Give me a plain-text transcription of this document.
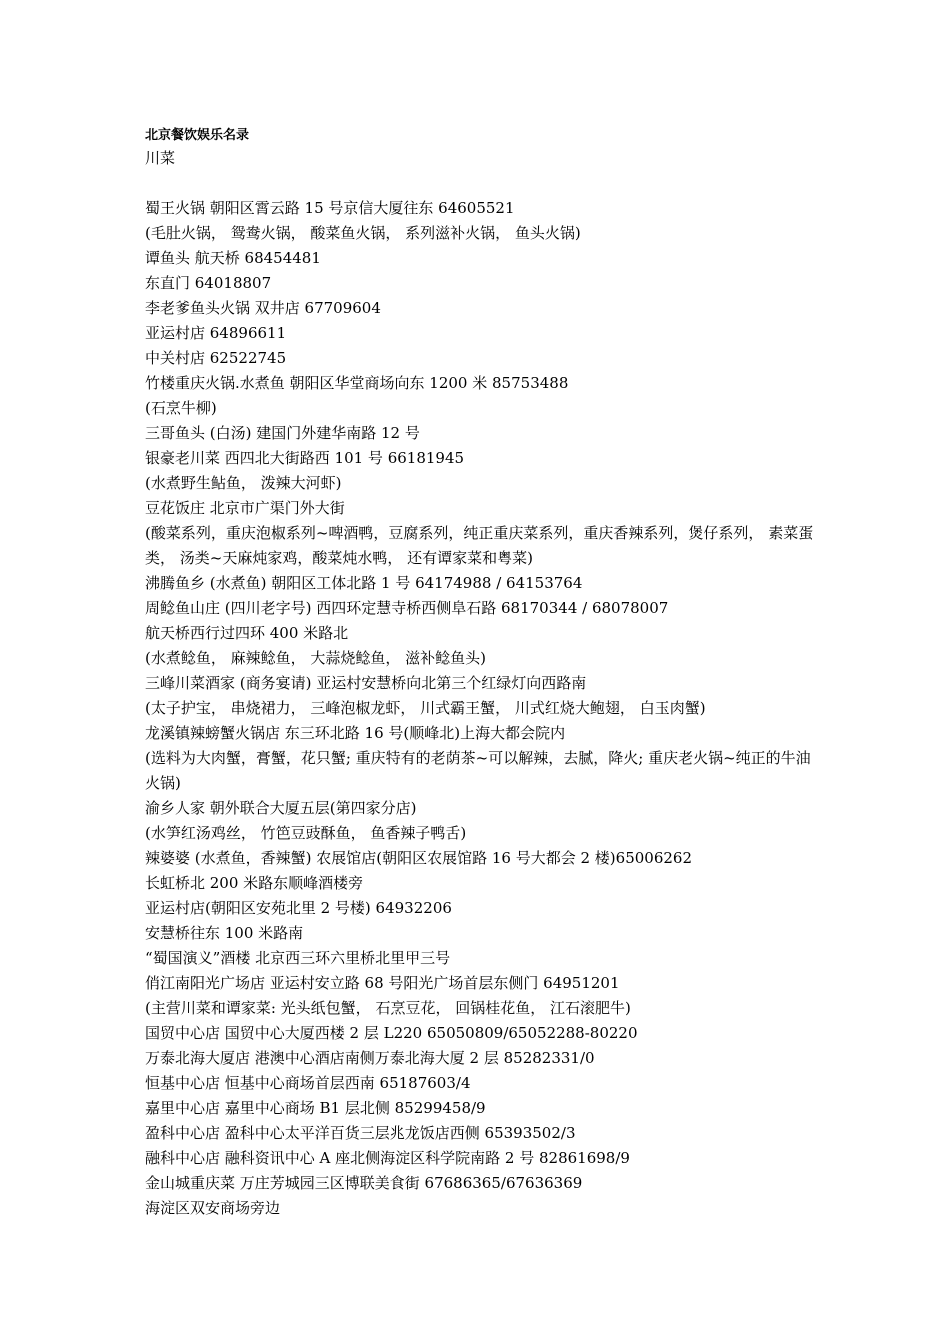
北京餐饮娱乐名录
川菜
蜀王火锅 朝阳区霄云路 15 号京信大厦往东 64605521
(毛肚火锅， 鸳鸯火锅， 酸菜鱼火锅， 系列滋补火锅， 鱼头火锅)
谭鱼头 航天桥 68454481
东直门 64018807
李老爹鱼头火锅 双井店 67709604
亚运村店 64896611
中关村店 62522745
竹楼重庆火锅.水煮鱼 朝阳区华堂商场向东 1200 米 85753488
(石烹牛柳)
三哥鱼头 (白汤) 建国门外建华南路 12 号
银豪老川菜 西四北大街路西 101 号 66181945
(水煮野生鲇鱼， 泼辣大河虾)
豆花饭庄 北京市广渠门外大街
(酸菜系列，重庆泡椒系列~啤酒鸭，豆腐系列，纯正重庆菜系列，重庆香辣系列，煲仔系列， 素菜蛋类， 汤类~天麻炖家鸡，酸菜炖水鸭， 还有谭家菜和粤菜)
沸腾鱼乡 (水煮鱼) 朝阳区工体北路 1 号 64174988 / 64153764
周鲶鱼山庄 (四川老字号) 西四环定慧寺桥西侧阜石路 68170344 / 68078007
航天桥西行过四环 400 米路北
(水煮鲶鱼， 麻辣鲶鱼， 大蒜烧鲶鱼， 滋补鲶鱼头)
三峰川菜酒家 (商务宴请) 亚运村安慧桥向北第三个红绿灯向西路南
(太子护宝， 串烧裙力， 三峰泡椒龙虾， 川式霸王蟹， 川式红烧大鲍翅， 白玉肉蟹)
龙溪镇辣螃蟹火锅店 东三环北路 16 号(顺峰北)上海大都会院内
(选料为大肉蟹，膏蟹，花只蟹; 重庆特有的老荫茶~可以解辣，去腻，降火; 重庆老火锅~纯正的牛油火锅)
渝乡人家 朝外联合大厦五层(第四家分店)
(水笋红汤鸡丝， 竹笆豆豉酥鱼， 鱼香辣子鸭舌)
辣婆婆 (水煮鱼，香辣蟹) 农展馆店(朝阳区农展馆路 16 号大都会 2 楼)65006262
长虹桥北 200 米路东顺峰酒楼旁
亚运村店(朝阳区安苑北里 2 号楼) 64932206
安慧桥往东 100 米路南
“蜀国演义”酒楼 北京西三环六里桥北里甲三号
俏江南阳光广场店 亚运村安立路 68 号阳光广场首层东侧门 64951201
(主营川菜和谭家菜: 光头纸包蟹， 石烹豆花， 回锅桂花鱼， 江石滚肥牛)
国贸中心店 国贸中心大厦西楼 2 层 L220 65050809/65052288-80220
万泰北海大厦店 港澳中心酒店南侧万泰北海大厦 2 层 85282331/0
恒基中心店 恒基中心商场首层西南 65187603/4
嘉里中心店 嘉里中心商场 B1 层北侧 85299458/9
盈科中心店 盈科中心太平洋百货三层兆龙饭店西侧 65393502/3
融科中心店 融科资讯中心 A 座北侧海淀区科学院南路 2 号 82861698/9
金山城重庆菜 万庄芳城园三区博联美食街 67686365/67636369
海淀区双安商场旁边
